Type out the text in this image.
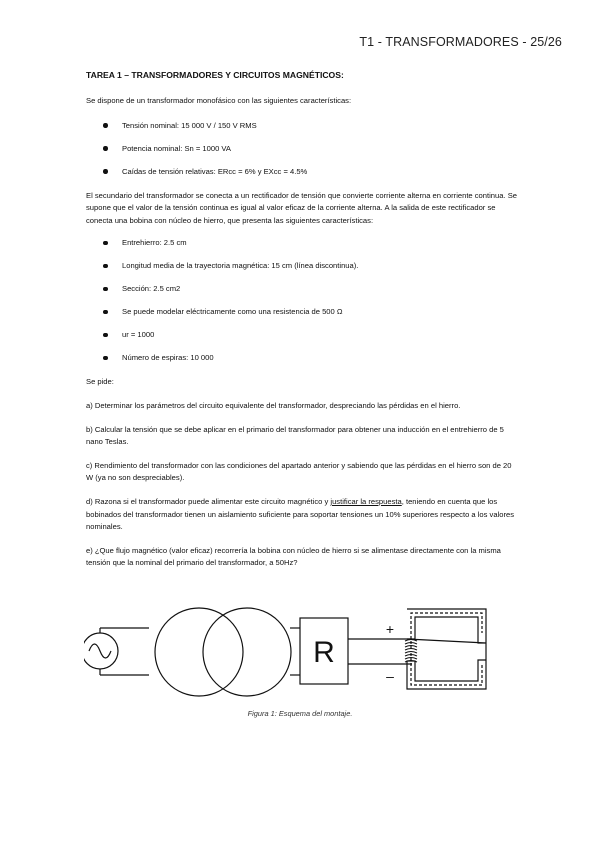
T1 - TRANSFORMADORES - 25/26
TAREA 1 – TRANSFORMADORES Y CIRCUITOS MAGNÉTICOS:

Se dispone de un transformador monofásico con las siguientes características:

Tensión nominal: 15 000 V / 150 V RMS
Potencia nominal: Sn = 1000 VA
Caídas de tensión relativas: ERcc = 6% y EXcc = 4.5%

El secundario del transformador se conecta a un rectificador de tensión que convierte corriente alterna en corriente continua. Se supone que el valor de la tensión continua es igual al valor eficaz de la corriente alterna. A la salida de este rectificador se conecta una bobina con núcleo de hierro, que presenta las siguientes características:

Entrehierro: 2.5 cm
Longitud media de la trayectoria magnética: 15 cm (línea discontinua).
Sección: 2.5 cm2
Se puede modelar eléctricamente como una resistencia de 500 Ω
ur = 1000
Número de espiras: 10 000

Se pide:

a) Determinar los parámetros del circuito equivalente del transformador, despreciando las pérdidas en el hierro.

b) Calcular la tensión que se debe aplicar en el primario del transformador para obtener una inducción en el entrehierro de 5 nano Teslas.

c) Rendimiento del transformador con las condiciones del apartado anterior y sabiendo que las pérdidas en el hierro son de 20 W (ya no son despreciables).

d) Razona si el transformador puede alimentar este circuito magnético y justificar la respuesta, teniendo en cuenta que los bobinados del transformador tienen un aislamiento suficiente para soportar tensiones un 10% superiores respecto a los valores nominales.

e) ¿Que flujo magnético (valor eficaz) recorrería la bobina con núcleo de hierro si se alimentase directamente con la misma tensión que la nominal del primario del transformador, a 50Hz?

R
+
–
Figura 1: Esquema del montaje.
